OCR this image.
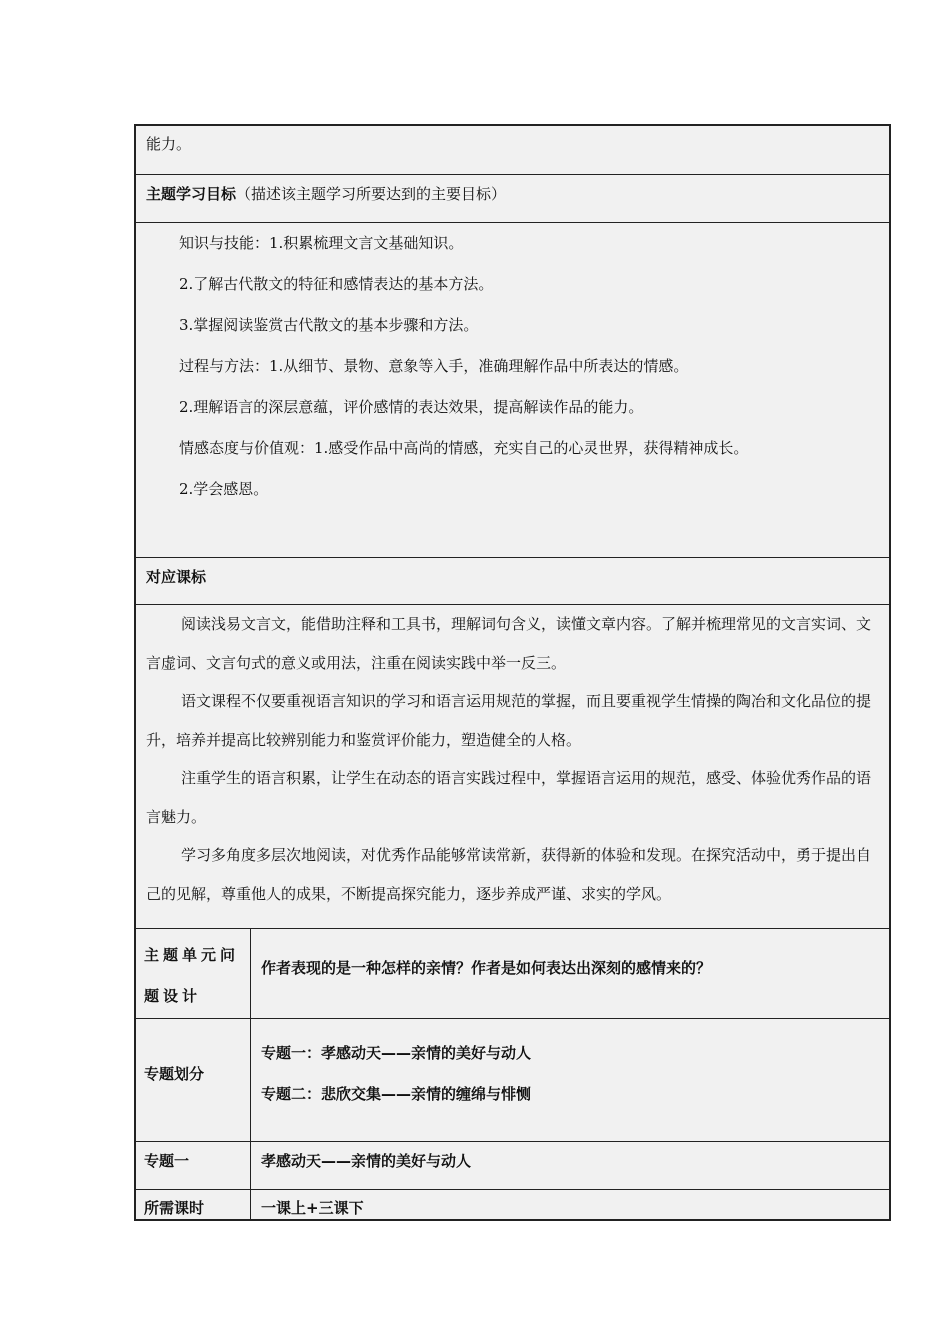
能力。
主题学习目标（描述该主题学习所要达到的主要目标）

知识与技能：1.积累梳理文言文基础知识。

2.了解古代散文的特征和感情表达的基本方法。

3.掌握阅读鉴赏古代散文的基本步骤和方法。

过程与方法：1.从细节、景物、意象等入手，准确理解作品中所表达的情感。

2.理解语言的深层意蕴，评价感情的表达效果，提高解读作品的能力。

情感态度与价值观：1.感受作品中高尚的情感，充实自己的心灵世界，获得精神成长。

2.学会感恩。

对应课标

阅读浅易文言文，能借助注释和工具书，理解词句含义，读懂文章内容。了解并梳理常见的文言实词、文言虚词、文言句式的意义或用法，注重在阅读实践中举一反三。

语文课程不仅要重视语言知识的学习和语言运用规范的掌握，而且要重视学生情操的陶冶和文化品位的提升，培养并提高比较辨别能力和鉴赏评价能力，塑造健全的人格。

注重学生的语言积累，让学生在动态的语言实践过程中，掌握语言运用的规范，感受、体验优秀作品的语言魅力。

学习多角度多层次地阅读，对优秀作品能够常读常新，获得新的体验和发现。在探究活动中，勇于提出自己的见解，尊重他人的成果，不断提高探究能力，逐步养成严谨、求实的学风。

主题单元问题设计
作者表现的是一种怎样的亲情？作者是如何表达出深刻的感情来的？
专题划分
专题一：孝感动天——亲情的美好与动人
专题二：悲欣交集——亲情的缠绵与悱恻
专题一	孝感动天——亲情的美好与动人
所需课时	一课上+三课下
